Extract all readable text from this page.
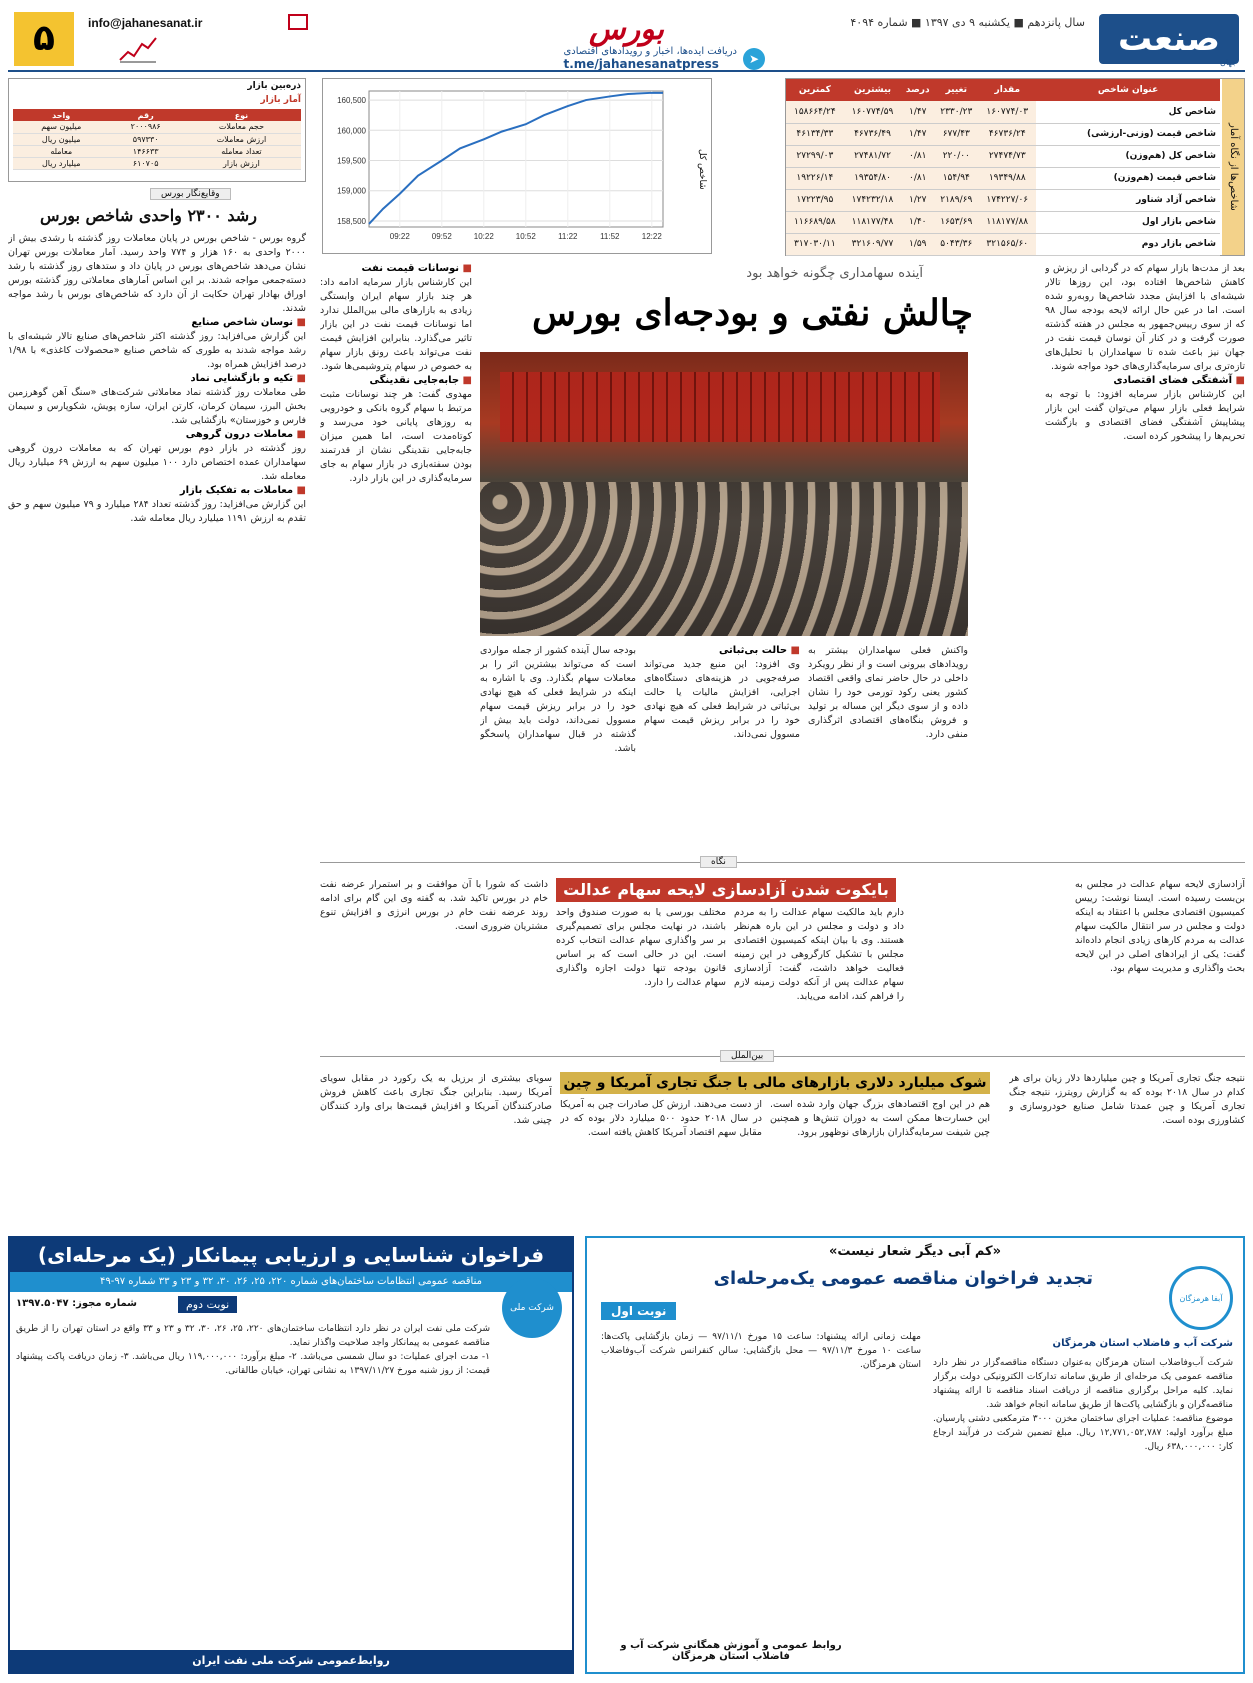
صنعت
جهان
سال پانزدهم ■ یکشنبه ۹ دی ۱۳۹۷ ■ شماره ۴۰۹۴
بورس
➤
دریافت ایده‌ها، اخبار و رویدادهای اقتصادی
t.me/jahanesanatpress
info@jahanesanat.ir
۵
شاخص‌ها از نگاه آمار
عنوان شاخص	مقدار	تغییر	درصد	بیشترین	کمترین
شاخص کل	۱۶۰۷۷۴/۰۳	۲۳۳۰/۲۳	۱/۴۷	۱۶۰۷۷۴/۵۹	۱۵۸۶۶۴/۲۴
شاخص قیمت (وزنی-ارزشی)	۴۶۷۳۶/۲۴	۶۷۷/۴۳	۱/۴۷	۴۶۷۳۶/۴۹	۴۶۱۳۴/۳۳
شاخص کل (هم‌وزن)	۲۷۴۷۴/۷۳	۲۲۰/۰۰	۰/۸۱	۲۷۴۸۱/۷۲	۲۷۲۹۹/۰۳
شاخص قیمت (هم‌وزن)	۱۹۳۴۹/۸۸	۱۵۴/۹۴	۰/۸۱	۱۹۳۵۴/۸۰	۱۹۲۲۶/۱۴
شاخص آزاد شناور	۱۷۴۲۲۷/۰۶	۲۱۸۹/۶۹	۱/۲۷	۱۷۴۲۳۲/۱۸	۱۷۲۲۳/۹۵
شاخص بازار اول	۱۱۸۱۷۷/۸۸	۱۶۵۳/۶۹	۱/۴۰	۱۱۸۱۷۷/۴۸	۱۱۶۶۸۹/۵۸
شاخص بازار دوم	۳۲۱۵۶۵/۶۰	۵۰۴۳/۳۶	۱/۵۹	۳۲۱۶۰۹/۷۷	۳۱۷۰۳۰/۱۱
شاخص کل
158,500
159,000
159,500
160,000
160,500
09:22	09:52	10:22	10:52	11:22	11:52	12:22
ذره‌بین بازار
آمار بازار
نوع	رقم	واحد
حجم معاملات	۲۰۰۰۹۸۶	میلیون سهم
ارزش معاملات	۵۹۷۳۳۰	میلیون ریال
تعداد معامله	۱۴۶۶۳۳	معامله
ارزش بازار	۶۱۰۷۰۵	میلیارد ریال
وقایع‌نگار بورس
رشد ۲۳۰۰ واحدی شاخص بورس

گروه بورس - شاخص بورس در پایان معاملات روز گذشته با رشدی بیش از ۲۰۰۰ واحدی به ۱۶۰ هزار و ۷۷۴ واحد رسید. آمار معاملات بورس تهران نشان می‌دهد شاخص‌های بورس در پایان داد و ستدهای روز گذشته با رشد دسته‌جمعی مواجه شدند. بر این اساس آمارهای معاملاتی روز گذشته بورس اوراق بهادار تهران حکایت از آن دارد که شاخص‌های بورس با رشد مواجه شدند.

■ نوسان شاخص صنایع

این گزارش می‌افزاید: روز گذشته اکثر شاخص‌های صنایع تالار شیشه‌ای با رشد مواجه شدند به طوری که شاخص صنایع «محصولات کاغذی» با ۱/۹۸ درصد افزایش همراه بود.

■ تکیه و بازگشایی نماد

طی معاملات روز گذشته نماد معاملاتی شرکت‌های «سنگ آهن گوهرزمین بخش البرز، سیمان کرمان، کارتن ایران، سازه پویش، شکوپارس و سیمان فارس و خوزستان» بازگشایی شد.

■ معاملات درون گروهی

روز گذشته در بازار دوم بورس تهران که به معاملات درون گروهی سهامداران عمده اختصاص دارد ۱۰۰ میلیون سهم به ارزش ۶۹ میلیارد ریال معامله شد.

■ معاملات به تفکیک بازار

این گزارش می‌افزاید: روز گذشته تعداد ۲۸۴ میلیارد و ۷۹ میلیون سهم و حق تقدم به ارزش ۱۱۹۱ میلیارد ریال معامله شد.

آینده سهامداری چگونه خواهد بود
چالش نفتی و بودجه‌ای بورس

بعد از مدت‌ها بازار سهام که در گردابی از ریزش و کاهش شاخص‌ها افتاده بود، این روزها تالار شیشه‌ای با افزایش مجدد شاخص‌ها روبه‌رو شده است. اما در عین حال ارائه لایحه بودجه سال ۹۸ که از سوی رییس‌جمهور به مجلس در هفته گذشته صورت گرفت و در کنار آن نوسان قیمت نفت در جهان نیز باعث شده تا سهامداران با تحلیل‌های تازه‌تری برای سرمایه‌گذاری‌های خود مواجه شوند.

■ آشفتگی فضای اقتصادی

این کارشناس بازار سرمایه افزود: با توجه به شرایط فعلی بازار سهام می‌توان گفت این بازار پیشاپیش آشفتگی فضای اقتصادی و بازگشت تحریم‌ها را پیشخور کرده است.

■ نوسانات قیمت نفت

این کارشناس بازار سرمایه ادامه داد: هر چند بازار سهام ایران وابستگی زیادی به بازارهای مالی بین‌الملل ندارد اما نوسانات قیمت نفت در این بازار تاثیر می‌گذارد. بنابراین افزایش قیمت نفت می‌تواند باعث رونق بازار سهام به خصوص در سهام پتروشیمی‌ها شود.

■ جابه‌جایی نقدینگی

مهدوی گفت: هر چند نوسانات مثبت مرتبط با سهام گروه بانکی و خودرویی به روزهای پایانی خود می‌رسد و کوتاه‌مدت است، اما همین میزان جابه‌جایی نقدینگی نشان از قدرتمند بودن سفته‌بازی در بازار سهام به جای سرمایه‌گذاری در این بازار دارد.

بودجه سال آینده کشور از جمله مواردی است که می‌تواند بیشترین اثر را بر معاملات سهام بگذارد. وی با اشاره به اینکه در شرایط فعلی که هیچ نهادی خود را در برابر ریزش قیمت سهام مسوول نمی‌داند، دولت باید بیش از گذشته در قبال سهامداران پاسخگو باشد.

■ حالت بی‌ثباتی

وی افزود: این منبع جدید می‌تواند صرفه‌جویی در هزینه‌های دستگاه‌های اجرایی، افزایش مالیات یا حالت بی‌ثباتی در شرایط فعلی که هیچ نهادی خود را در برابر ریزش قیمت سهام مسوول نمی‌داند.

واکنش فعلی سهامداران بیشتر به رویدادهای بیرونی است و از نظر رویکرد داخلی در حال حاضر نمای واقعی اقتصاد کشور یعنی رکود تورمی خود را نشان داده و از سوی دیگر این مساله بر تولید و فروش بنگاه‌های اقتصادی اثرگذاری منفی دارد.

نگاه
بایکوت شدن آزادسازی لایحه سهام عدالت در مجلس

آزادسازی لایحه سهام عدالت در مجلس به بن‌بست رسیده است. ایسنا نوشت: رییس کمیسیون اقتصادی مجلس با اعتقاد به اینکه دولت و مجلس در سر انتقال مالکیت سهام عدالت به مردم کارهای زیادی انجام داده‌اند گفت: یکی از ایرادهای اصلی در این لایحه بحث واگذاری و مدیریت سهام بود.

دارم باید مالکیت سهام عدالت را به مردم داد و دولت و مجلس در این باره هم‌نظر هستند. وی با بیان اینکه کمیسیون اقتصادی مجلس با تشکیل کارگروهی در این زمینه فعالیت خواهد داشت، گفت: آزادسازی سهام عدالت پس از آنکه دولت زمینه لازم را فراهم کند، ادامه می‌یابد.

مختلف بورسی یا به صورت صندوق واحد باشند، در نهایت مجلس برای تصمیم‌گیری بر سر واگذاری سهام عدالت انتخاب کرده است. این در حالی است که بر اساس قانون بودجه تنها دولت اجازه واگذاری سهام عدالت را دارد.

داشت که شورا با آن موافقت و بر استمرار عرضه نفت خام در بورس تاکید شد. به گفته وی این گام برای ادامه روند عرضه نفت خام در بورس انرژی و افزایش تنوع مشتریان ضروری است.

بین‌الملل
شوک میلیارد دلاری بازارهای مالی با جنگ تجاری آمریکا و چین	نتیجه جنگ تجاری آمریکا و چین میلیاردها دلار زیان برای هر کدام در سال ۲۰۱۸ بوده که به گزارش رویترز، نتیجه جنگ تجاری آمریکا و چین عمدتا شامل صنایع خودروسازی و کشاورزی بوده است.

هم در این اوج اقتصادهای بزرگ جهان وارد شده است. این خسارت‌ها ممکن است به دوران تنش‌ها و همچنین چین شیفت سرمایه‌گذاران بازارهای نوظهور برود.

از دست می‌دهند. ارزش کل صادرات چین به آمریکا در سال ۲۰۱۸ حدود ۵۰۰ میلیارد دلار بوده که در مقابل سهم اقتصاد آمریکا کاهش یافته است.

سویای بیشتری از برزیل به یک رکورد در مقابل سویای آمریکا رسید. بنابراین جنگ تجاری باعث کاهش فروش صادرکنندگان آمریکا و افزایش قیمت‌ها برای وارد کنندگان چینی شد.

فراخوان شناسایی و ارزیابی پیمانکار (یک مرحله‌ای)
مناقصه عمومی انتظامات ساختمان‌های شماره ۲۲۰، ۲۵، ۲۶، ۳۰، ۳۲ و ۲۳ و ۳۳ شماره ۹۷-۴۹
نوبت دوم
شماره مجوز: ۱۳۹۷.۵۰۴۷	شرکت ملی نفت ایران

شرکت ملی نفت ایران در نظر دارد انتظامات ساختمان‌های ۲۲۰، ۲۵، ۲۶، ۳۰، ۳۲ و ۲۳ و ۳۳ واقع در استان تهران را از طریق مناقصه عمومی به پیمانکار واجد صلاحیت واگذار نماید.

۱- مدت اجرای عملیات: دو سال شمسی می‌باشد. ۲- مبلغ برآورد: ۱۱۹,۰۰۰,۰۰۰ ریال می‌باشد. ۳- زمان دریافت پاکت پیشنهاد قیمت: از روز شنبه مورخ ۱۳۹۷/۱۱/۲۷ به نشانی تهران، خیابان طالقانی.

روابط‌عمومی شرکت ملی نفت ایران
«کم آبی دیگر شعار نیست»
تجدید فراخوان مناقصه عمومی یک‌مرحله‌ای
نوبت اول
آبفا هرمزگان
شرکت آب و فاضلاب استان هرمزگان

شرکت آب‌وفاضلاب استان هرمزگان به‌عنوان دستگاه مناقصه‌گزار در نظر دارد مناقصه عمومی یک مرحله‌ای از طریق سامانه تدارکات الکترونیکی دولت برگزار نماید. کلیه مراحل برگزاری مناقصه از دریافت اسناد مناقصه تا ارائه پیشنهاد مناقصه‌گران و بازگشایی پاکت‌ها از طریق سامانه انجام خواهد شد.

موضوع مناقصه: عملیات اجرای ساختمان مخزن ۳۰۰۰ مترمکعبی دشتی پارسیان. مبلغ برآورد اولیه: ۱۲,۷۷۱,۰۵۲,۷۸۷ ریال. مبلغ تضمین شرکت در فرآیند ارجاع کار: ۶۳۸,۰۰۰,۰۰۰ ریال.

مهلت زمانی ارائه پیشنهاد: ساعت ۱۵ مورخ ۹۷/۱۱/۱ — زمان بازگشایی پاکت‌ها: ساعت ۱۰ مورخ ۹۷/۱۱/۳ — محل بازگشایی: سالن کنفرانس شرکت آب‌وفاضلاب استان هرمزگان.

روابط عمومی و آموزش همگانی شرکت آب و فاضلاب استان هرمزگان
